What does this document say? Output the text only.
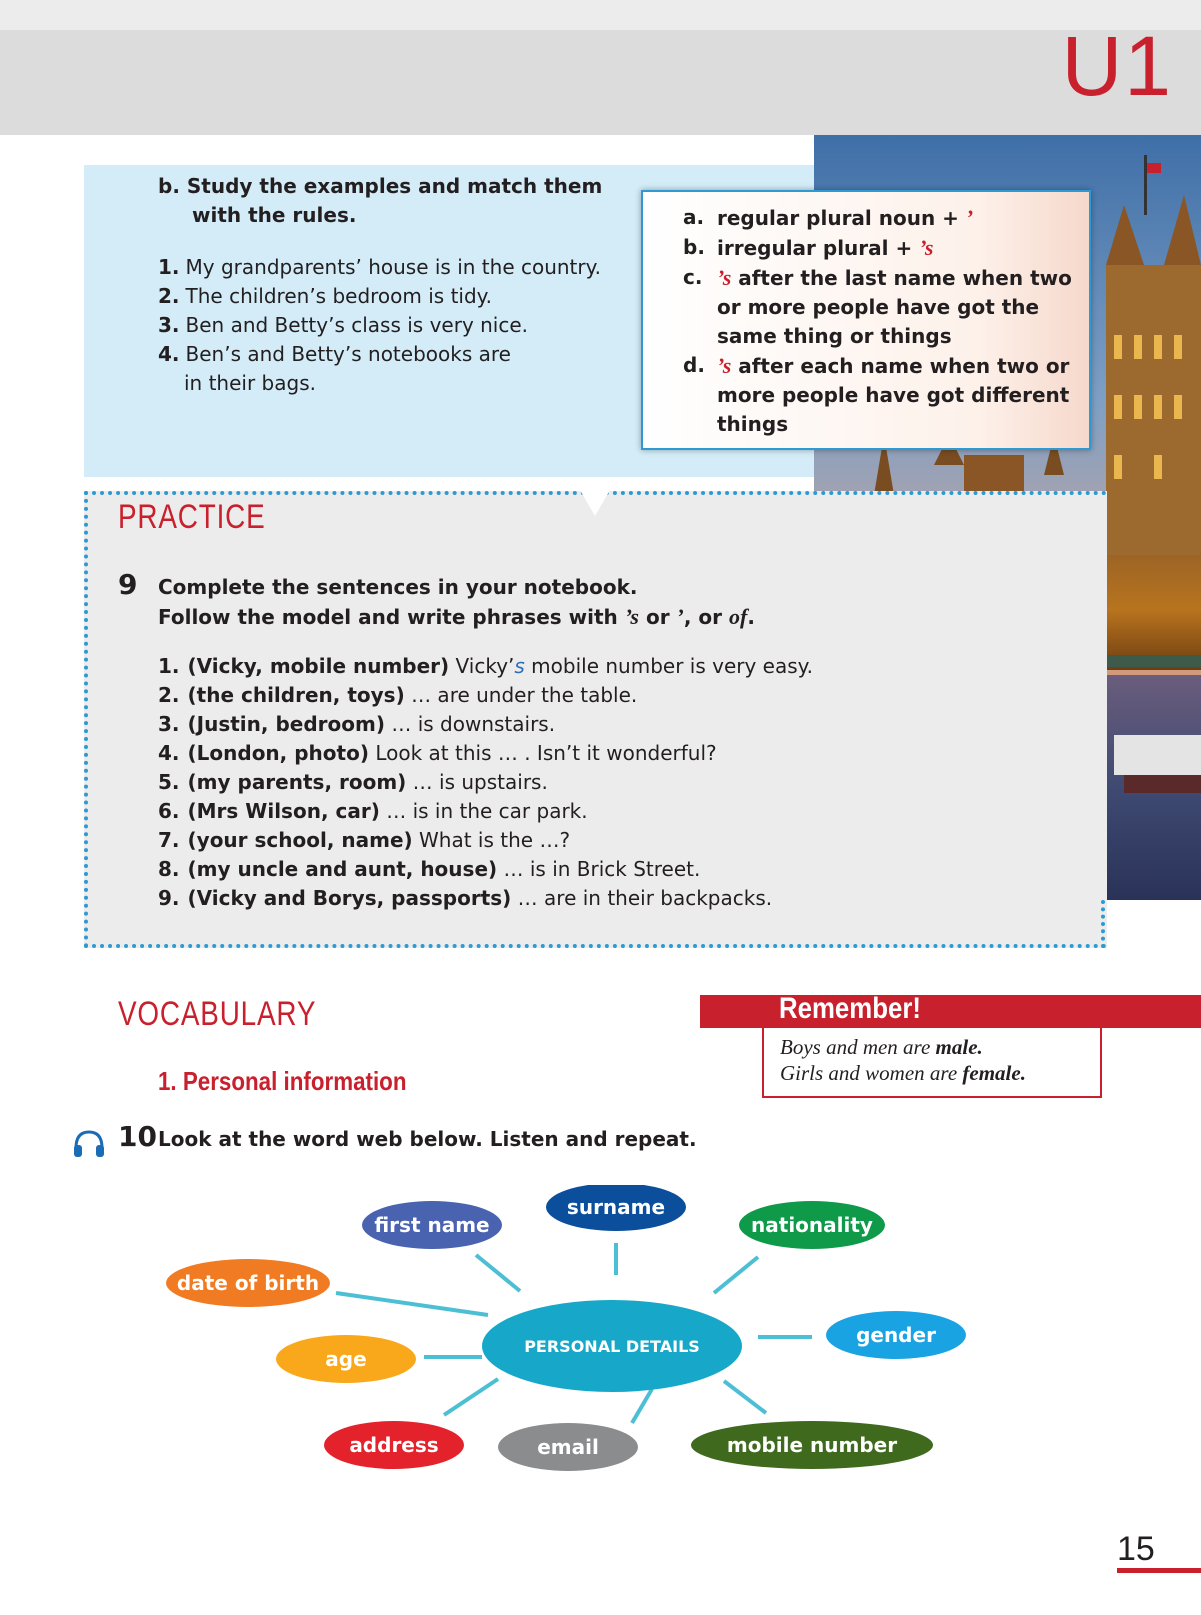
U1
b. Study the examples and match them
with the rules.
1. My grandparents’ house is in the country.
2. The children’s bedroom is tidy.
3. Ben and Betty’s class is very nice.
4. Ben’s and Betty’s notebooks are
in their bags.
a. regular plural noun + ’
b. irregular plural + ’s
c. ’s after the last name when two or more people have got the same thing or things
d. ’s after each name when two or more people have got different things
PRACTICE
9 Complete the sentences in your notebook.
Follow the model and write phrases with ’s or ’, or of.
1. (Vicky, mobile number) Vicky’s mobile number is very easy.
2. (the children, toys) … are under the table.
3. (Justin, bedroom) … is downstairs.
4. (London, photo) Look at this … . Isn’t it wonderful?
5. (my parents, room) … is upstairs.
6. (Mrs Wilson, car) … is in the car park.
7. (your school, name) What is the …?
8. (my uncle and aunt, house) … is in Brick Street.
9. (Vicky and Borys, passports) … are in their backpacks.
VOCABULARY
1. Personal information
Remember!
Boys and men are male.
Girls and women are female.
10 Look at the word web below. Listen and repeat.
PERSONAL DETAILS
surname
first name	nationality
date of birth
gender
age
address	email	mobile number
15
